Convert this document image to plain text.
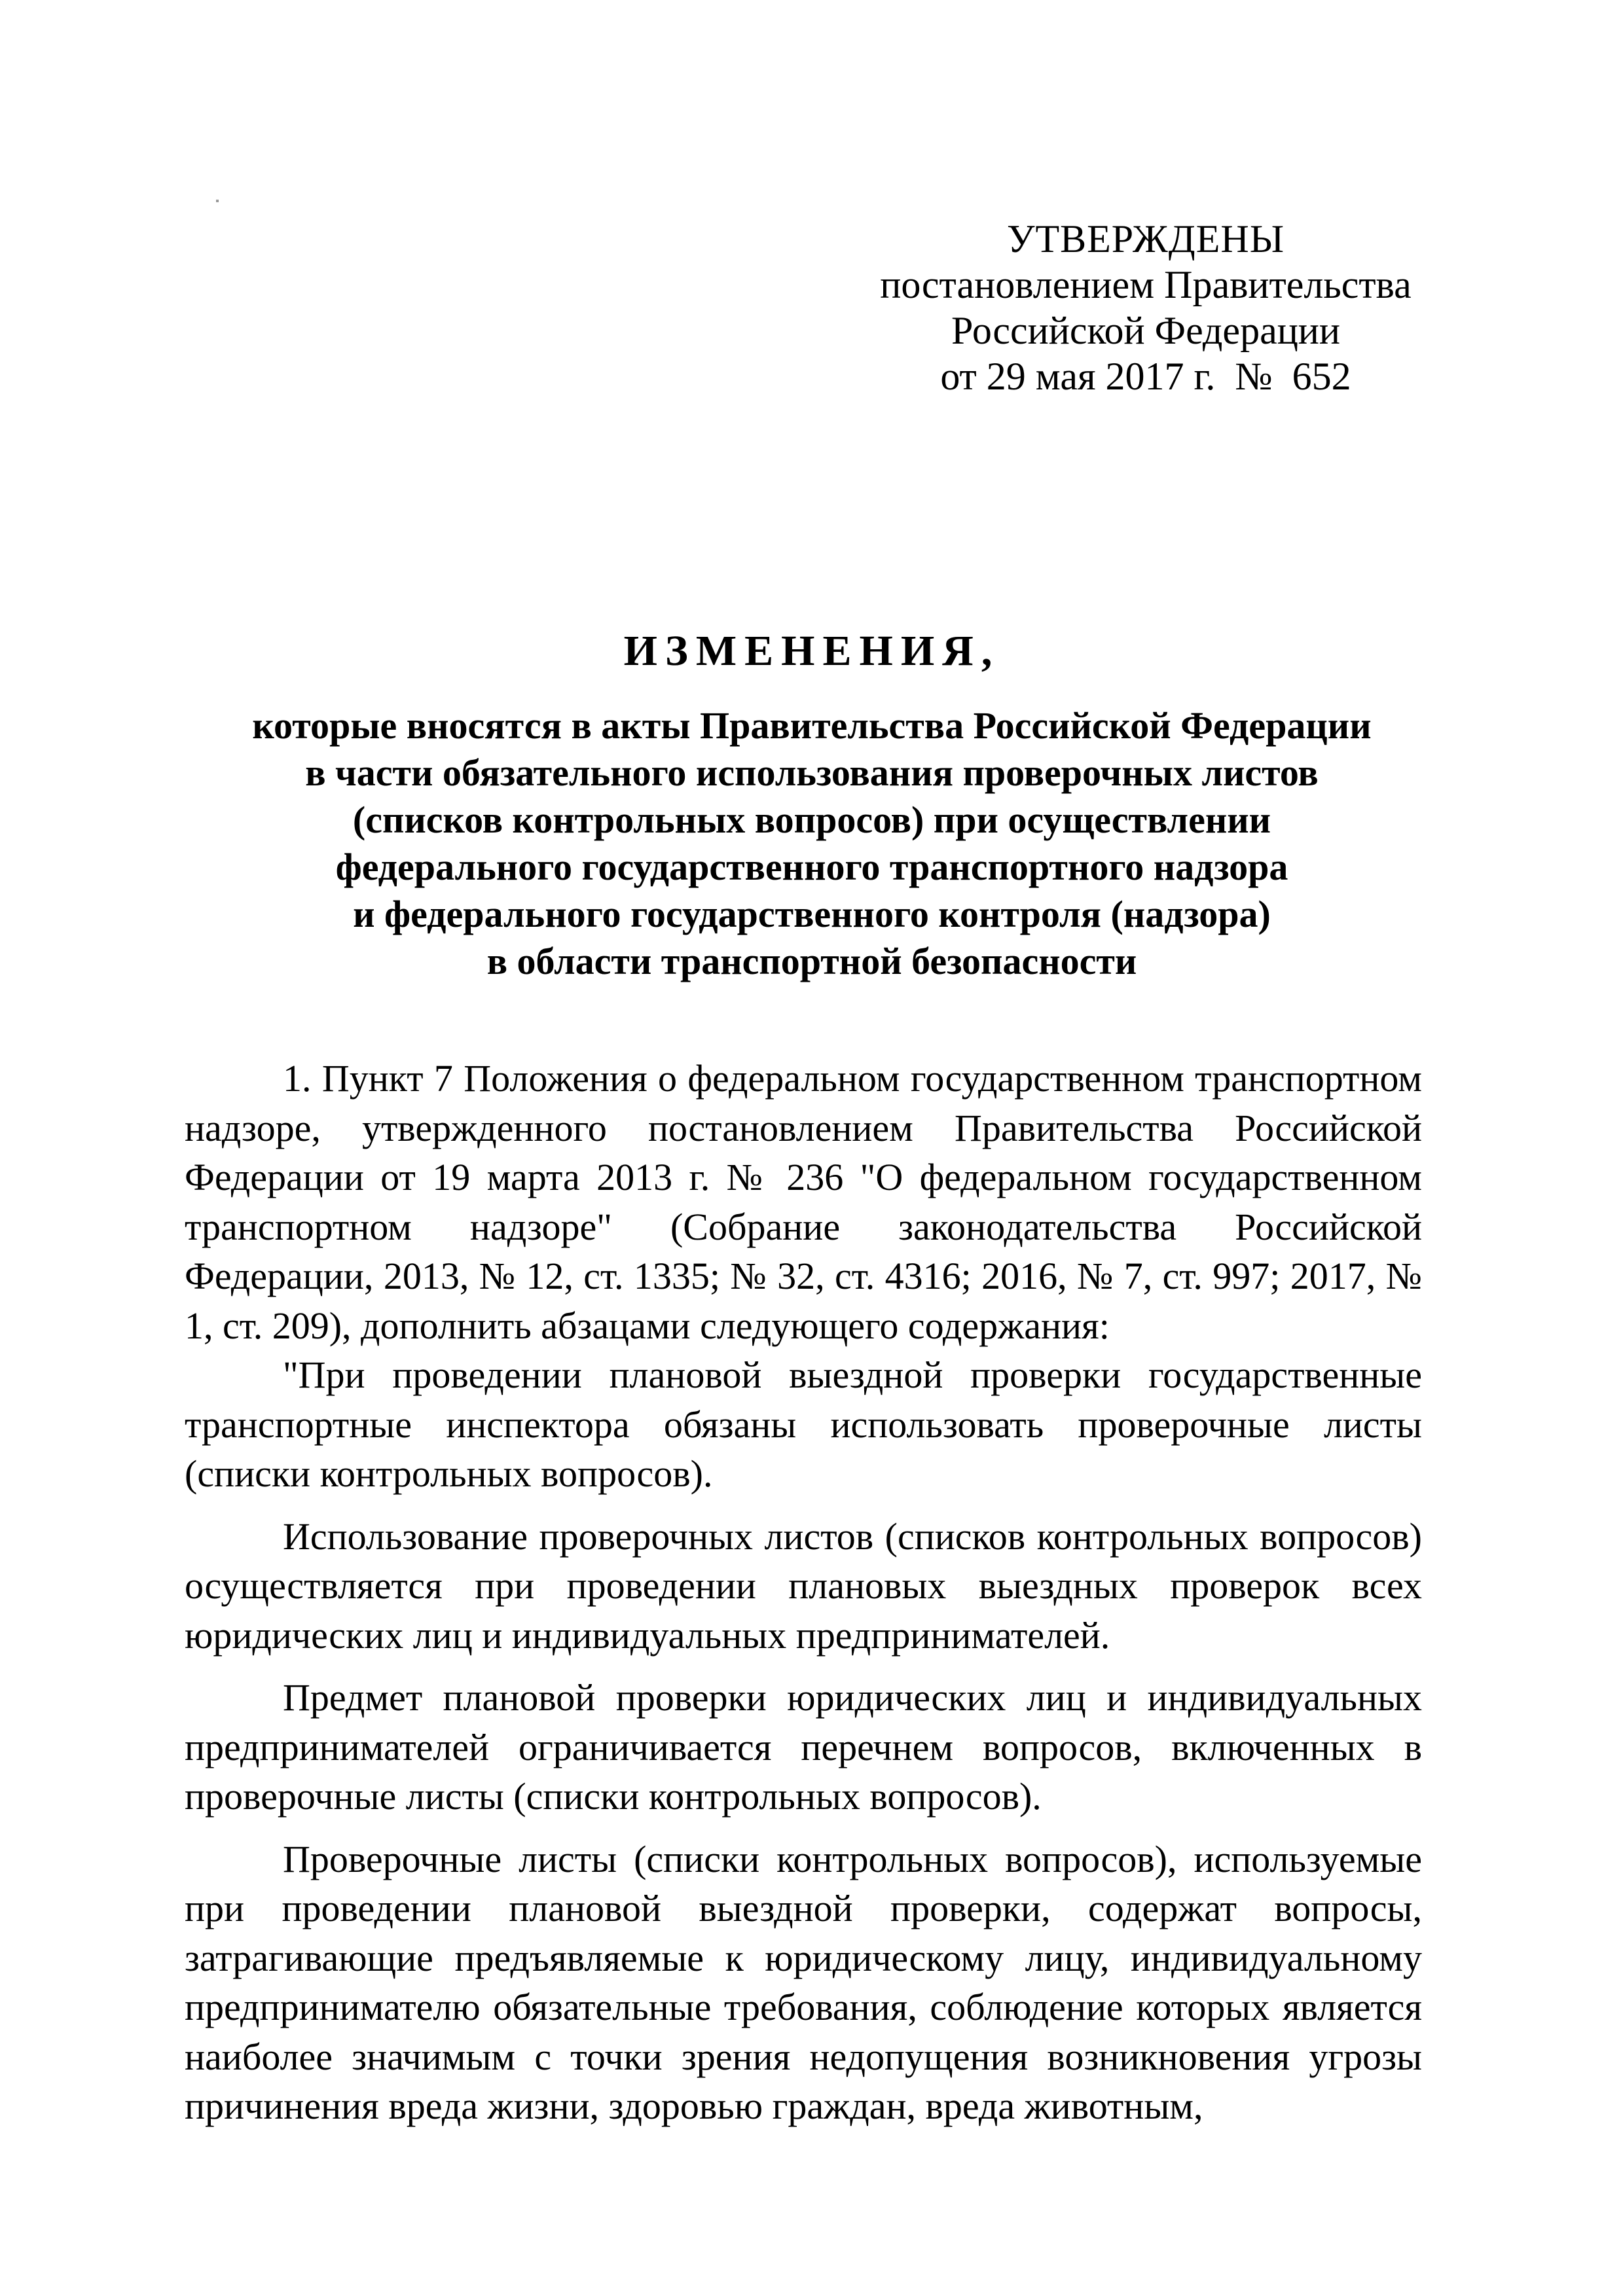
УТВЕРЖДЕНЫ
постановлением Правительства
Российской Федерации
от 29 мая 2017 г.  №  652
ИЗМЕНЕНИЯ,
которые вносятся в акты Правительства Российской Федерации
в части обязательного использования проверочных листов
(списков контрольных вопросов) при осуществлении
федерального государственного транспортного надзора
и федерального государственного контроля (надзора)
в области транспортной безопасности

1. Пункт 7 Положения о федеральном государственном транспортном надзоре, утвержденного постановлением Правительства Российской Федерации от 19 марта 2013 г. № 236 "О федеральном государственном транспортном надзоре" (Собрание законодательства Российской Федерации, 2013, № 12, ст. 1335; № 32, ст. 4316; 2016, № 7, ст. 997; 2017, № 1, ст. 209), дополнить абзацами следующего содержания:

"При проведении плановой выездной проверки государственные транспортные инспектора обязаны использовать проверочные листы (списки контрольных вопросов).

Использование проверочных листов (списков контрольных вопросов) осуществляется при проведении плановых выездных проверок всех юридических лиц и индивидуальных предпринимателей.

Предмет плановой проверки юридических лиц и индивидуальных предпринимателей ограничивается перечнем вопросов, включенных в проверочные листы (списки контрольных вопросов).

Проверочные листы (списки контрольных вопросов), используемые при проведении плановой выездной проверки, содержат вопросы, затрагивающие предъявляемые к юридическому лицу, индивидуальному предпринимателю обязательные требования, соблюдение которых является наиболее значимым с точки зрения недопущения возникновения угрозы причинения вреда жизни, здоровью граждан, вреда животным,
